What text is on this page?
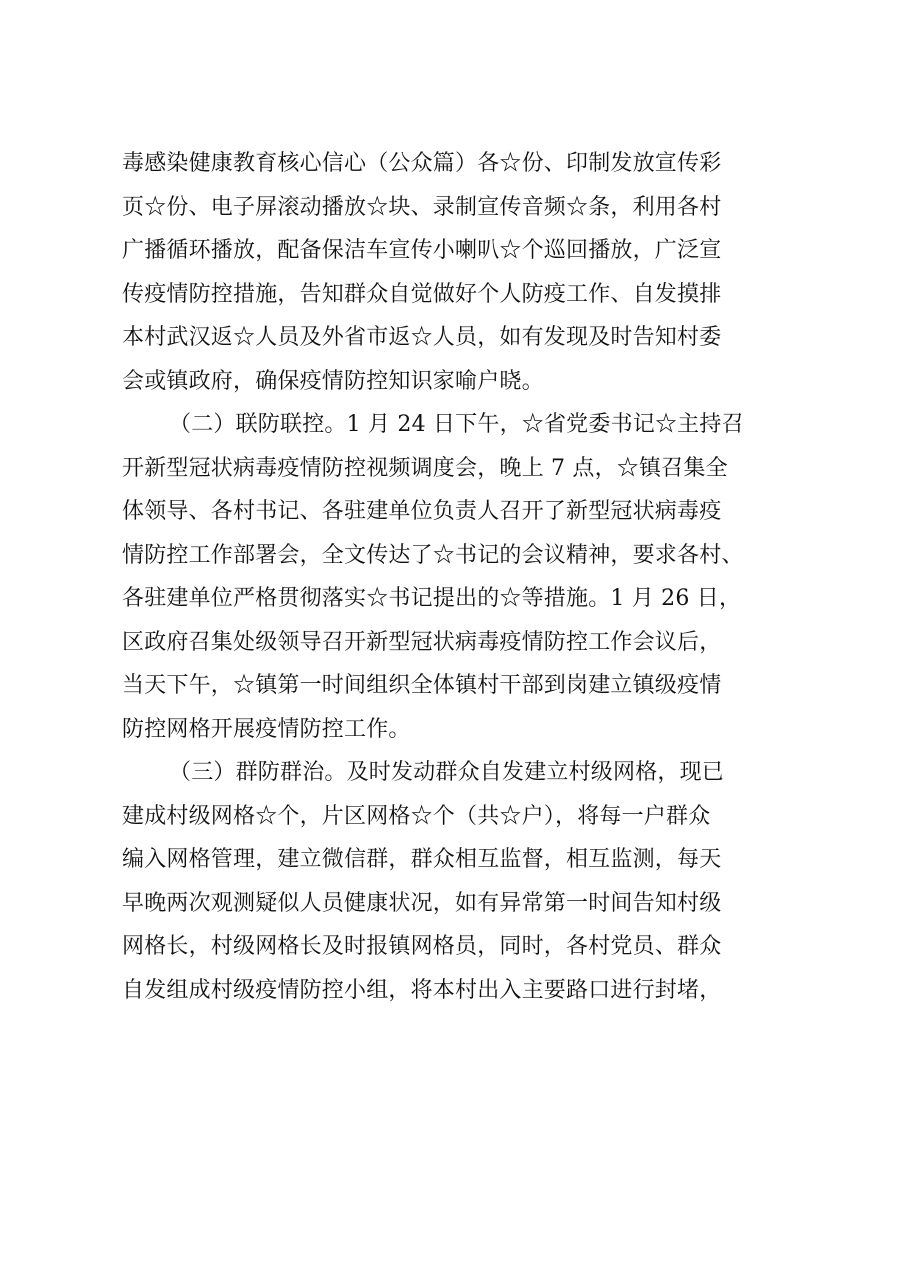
毒感染健康教育核心信心（公众篇）各☆份、印制发放宣传彩
页☆份、电子屏滚动播放☆块、录制宣传音频☆条，利用各村
广播循环播放，配备保洁车宣传小喇叭☆个巡回播放，广泛宣
传疫情防控措施，告知群众自觉做好个人防疫工作、自发摸排
本村武汉返☆人员及外省市返☆人员，如有发现及时告知村委
会或镇政府，确保疫情防控知识家喻户晓。
（二）联防联控。1 月 24 日下午，☆省党委书记☆主持召
开新型冠状病毒疫情防控视频调度会，晚上 7 点，☆镇召集全
体领导、各村书记、各驻建单位负责人召开了新型冠状病毒疫
情防控工作部署会，全文传达了☆书记的会议精神，要求各村、
各驻建单位严格贯彻落实☆书记提出的☆等措施。1 月 26 日，
区政府召集处级领导召开新型冠状病毒疫情防控工作会议后，
当天下午，☆镇第一时间组织全体镇村干部到岗建立镇级疫情
防控网格开展疫情防控工作。
（三）群防群治。及时发动群众自发建立村级网格，现已
建成村级网格☆个，片区网格☆个（共☆户），将每一户群众
编入网格管理，建立微信群，群众相互监督，相互监测，每天
早晚两次观测疑似人员健康状况，如有异常第一时间告知村级
网格长，村级网格长及时报镇网格员，同时，各村党员、群众
自发组成村级疫情防控小组，将本村出入主要路口进行封堵，
